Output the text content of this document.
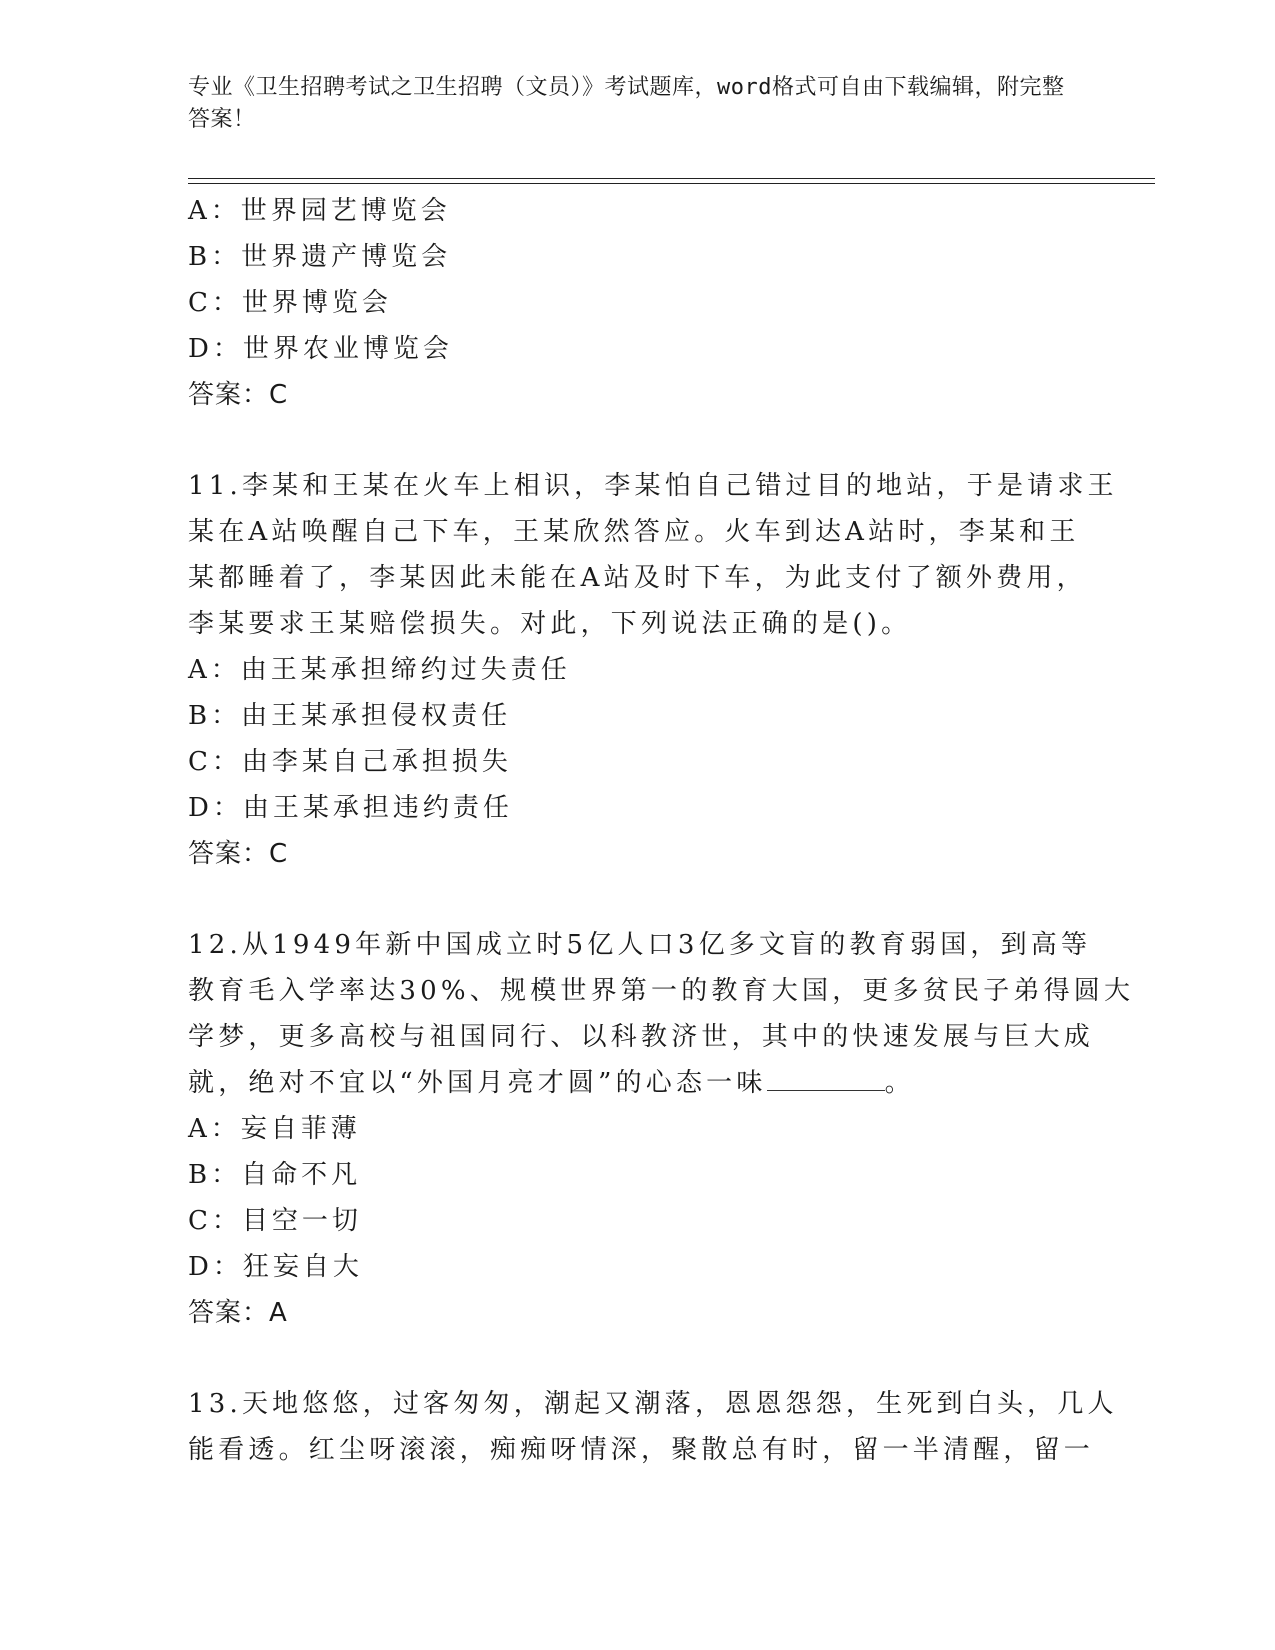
专业《卫生招聘考试之卫生招聘（文员）》考试题库，word格式可自由下载编辑，附完整答案！
A：世界园艺博览会
B：世界遗产博览会
C：世界博览会
D：世界农业博览会
答案：C
11.李某和王某在火车上相识，李某怕自己错过目的地站，于是请求王
某在A站唤醒自己下车，王某欣然答应。火车到达A站时，李某和王
某都睡着了，李某因此未能在A站及时下车，为此支付了额外费用，
李某要求王某赔偿损失。对此，下列说法正确的是()。
A：由王某承担缔约过失责任
B：由王某承担侵权责任
C：由李某自己承担损失
D：由王某承担违约责任
答案：C
12.从1949年新中国成立时5亿人口3亿多文盲的教育弱国，到高等
教育毛入学率达30%、规模世界第一的教育大国，更多贫民子弟得圆大
学梦，更多高校与祖国同行、以科教济世，其中的快速发展与巨大成
就，绝对不宜以“外国月亮才圆”的心态一味	。
A：妄自菲薄
B：自命不凡
C：目空一切
D：狂妄自大
答案：A
13.天地悠悠，过客匆匆，潮起又潮落，恩恩怨怨，生死到白头，几人
能看透。红尘呀滚滚，痴痴呀情深，聚散总有时，留一半清醒，留一
